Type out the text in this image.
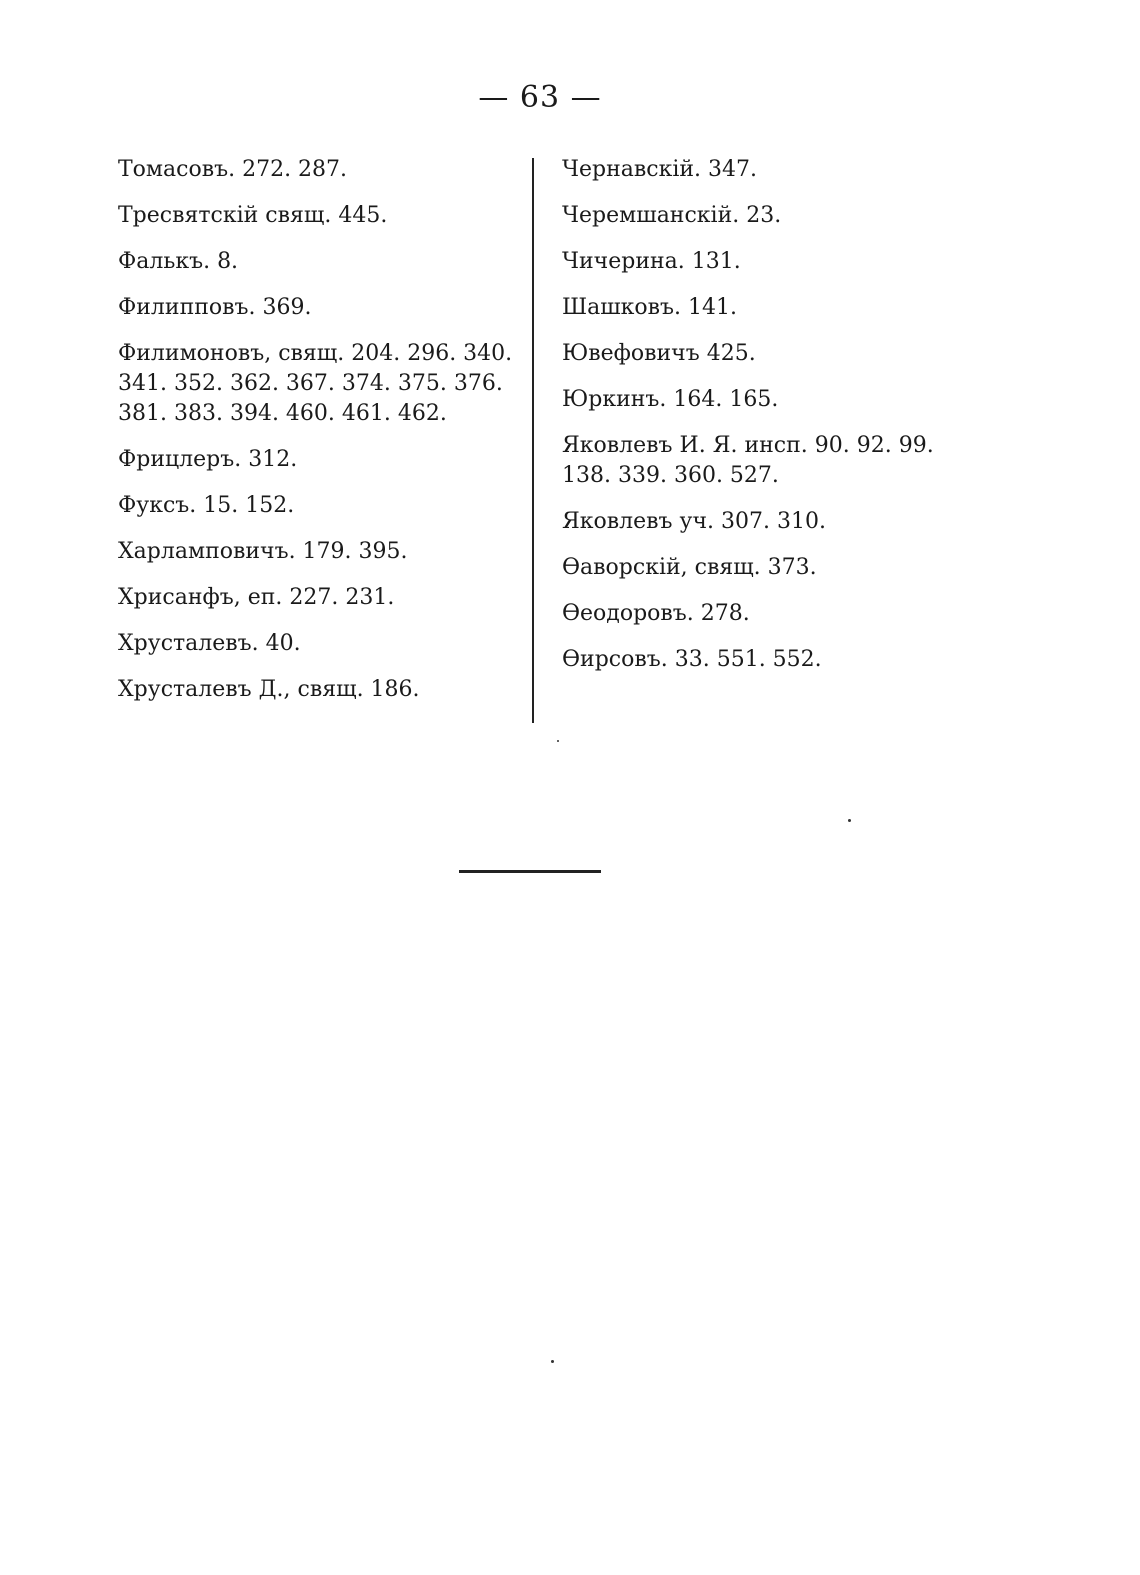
— 63 —
Томасовъ. 272. 287.
Тресвятскій свящ. 445.
Фалькъ. 8.
Филипповъ. 369.
Филимоновъ, свящ. 204. 296. 340. 341. 352. 362. 367. 374. 375. 376. 381. 383. 394. 460. 461. 462.
Фрицлеръ. 312.
Фуксъ. 15. 152.
Харламповичъ. 179. 395.
Хрисанфъ, еп. 227. 231.
Хрусталевъ. 40.
Хрусталевъ Д., свящ. 186.
Чернавскій. 347.
Черемшанскій. 23.
Чичерина. 131.
Шашковъ. 141.
Ювефовичъ 425.
Юркинъ. 164. 165.
Яковлевъ И. Я. инсп. 90. 92. 99. 138. 339. 360. 527.
Яковлевъ уч. 307. 310.
Ѳаворскій, свящ. 373.
Ѳеодоровъ. 278.
Ѳирсовъ. 33. 551. 552.
